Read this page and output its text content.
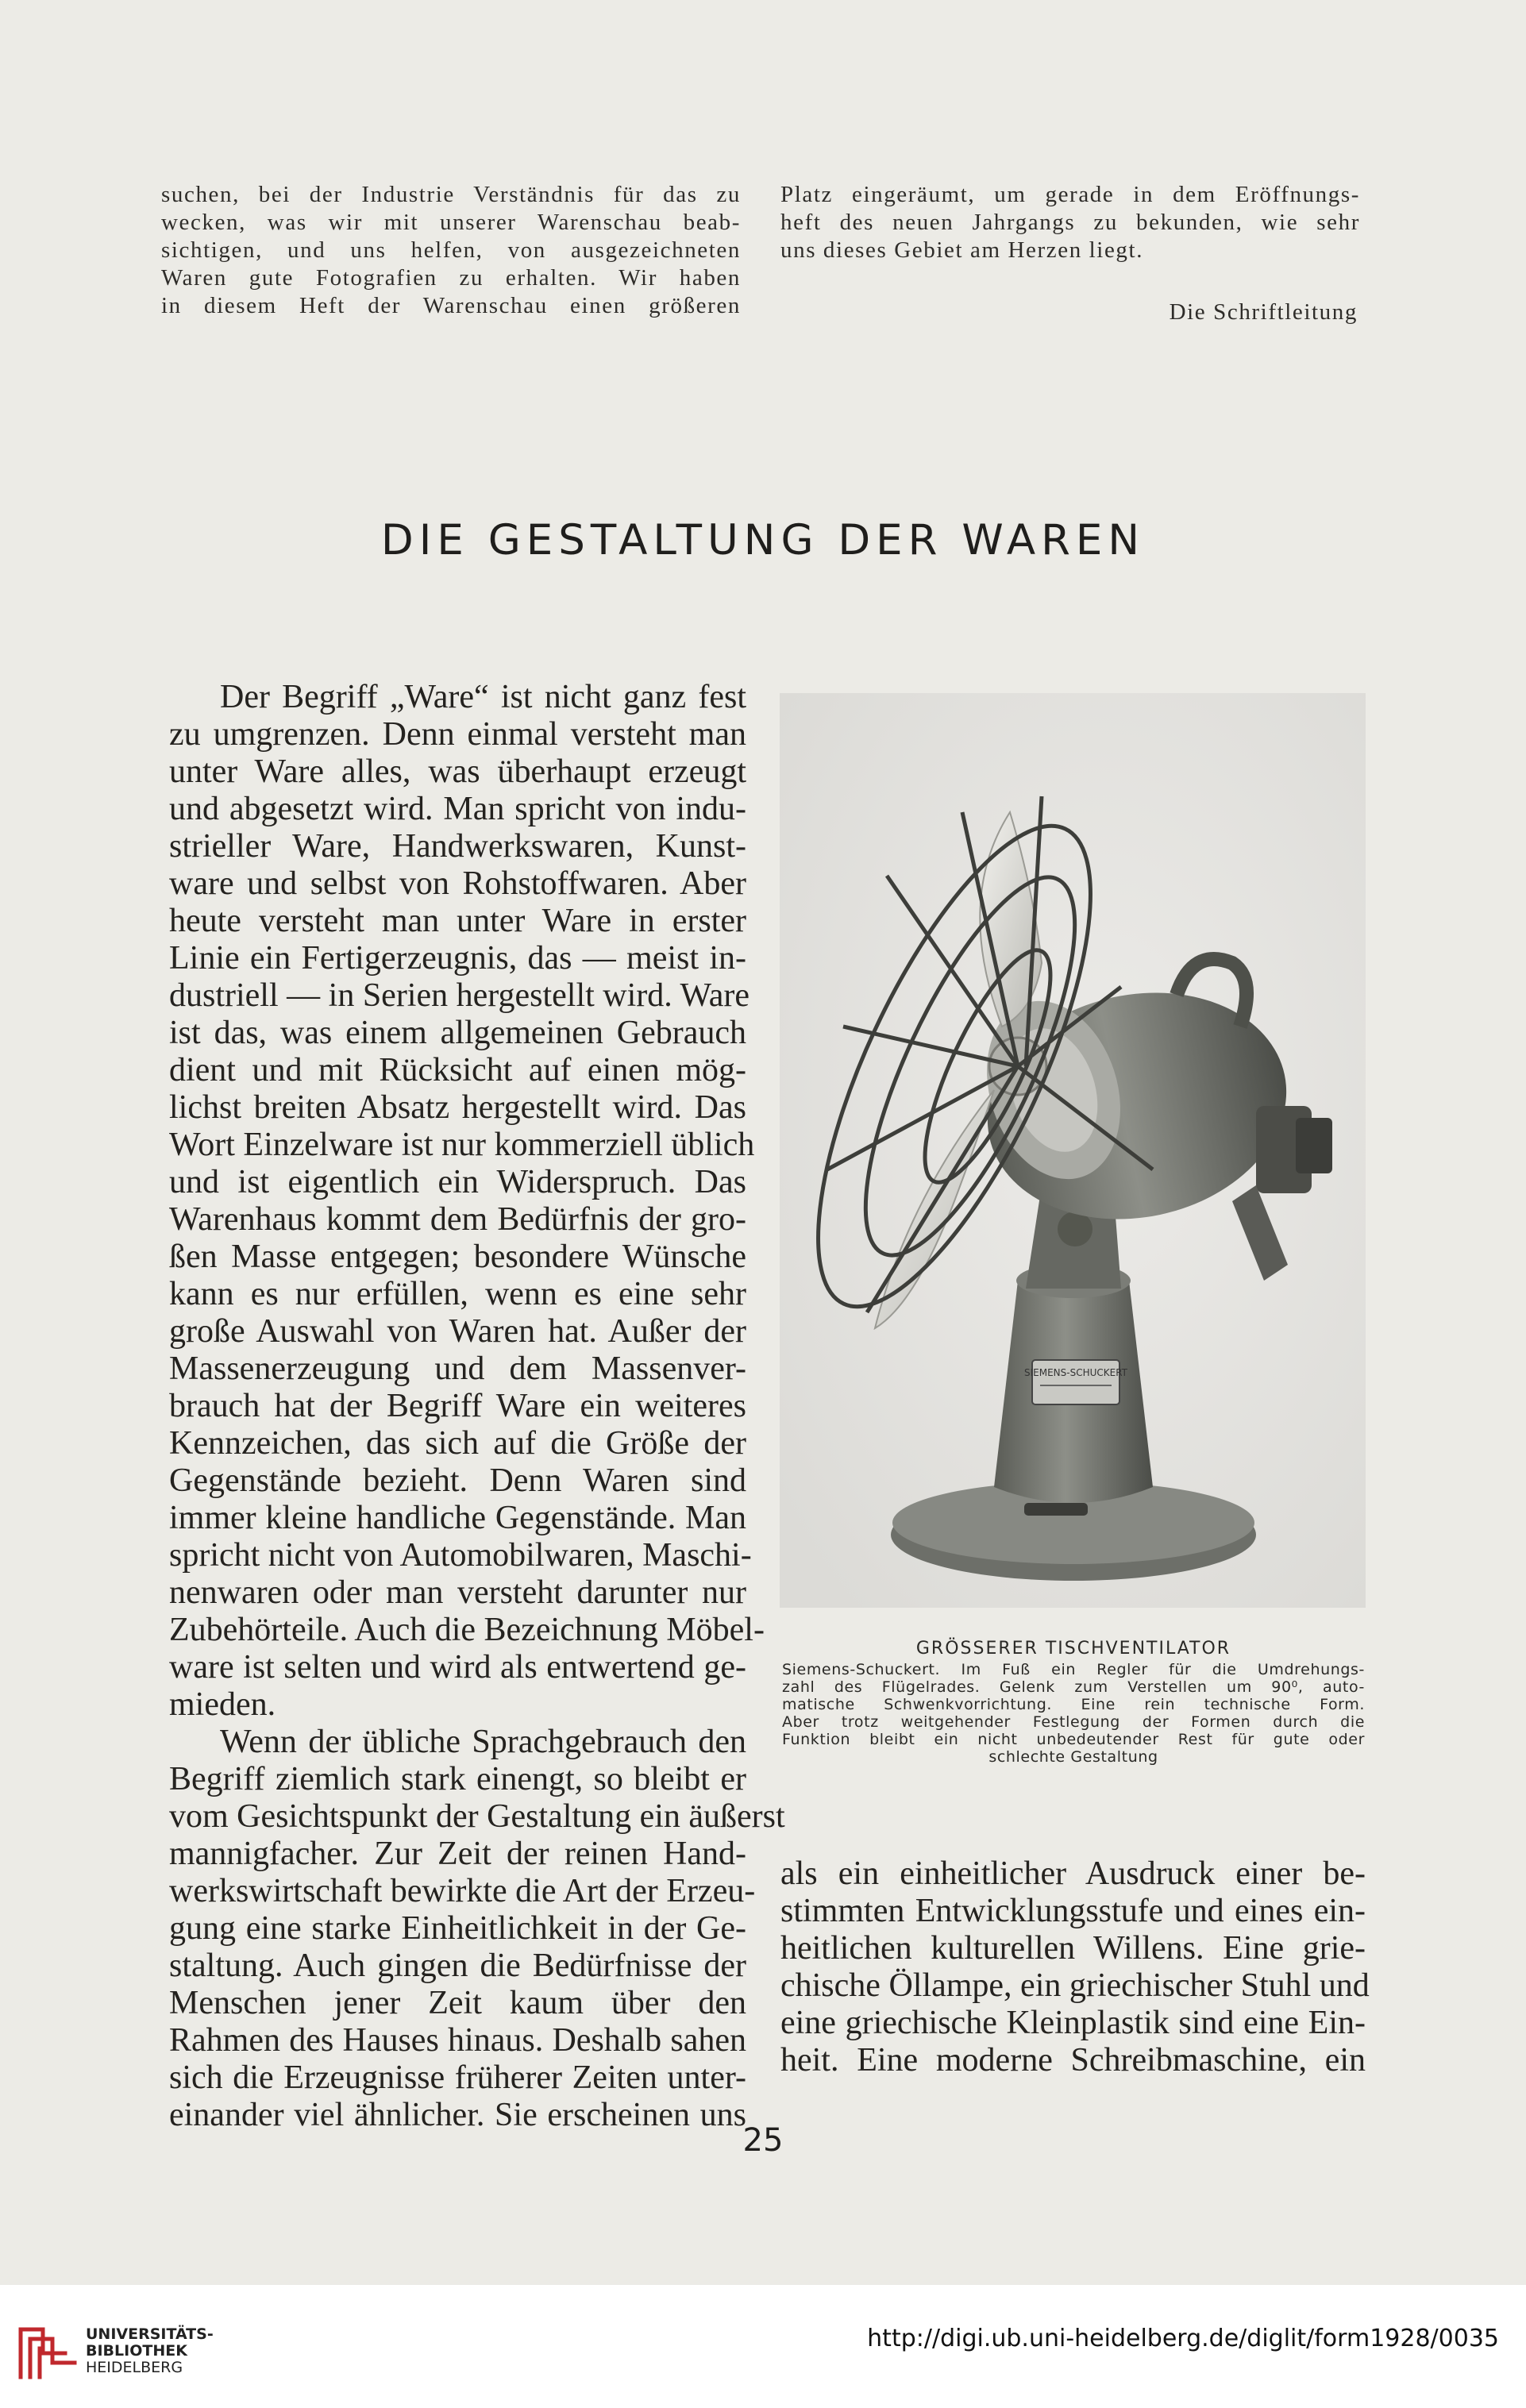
suchen, bei der Industrie Verständnis für das zu
wecken, was wir mit unserer Warenschau beab-
sichtigen, und uns helfen, von ausgezeichneten
Waren gute Fotografien zu erhalten. Wir haben
in diesem Heft der Warenschau einen größeren
Platz eingeräumt, um gerade in dem Eröffnungs-
heft des neuen Jahrgangs zu bekunden, wie sehr
uns dieses Gebiet am Herzen liegt.
Die Schriftleitung
DIE GESTALTUNG DER WAREN
Der Begriff „Ware“ ist nicht ganz fest
zu umgrenzen. Denn einmal versteht man
unter Ware alles, was überhaupt erzeugt
und abgesetzt wird. Man spricht von indu-
strieller Ware, Handwerkswaren, Kunst-
ware und selbst von Rohstoffwaren. Aber
heute versteht man unter Ware in erster
Linie ein Fertigerzeugnis, das — meist in-
dustriell — in Serien hergestellt wird. Ware
ist das, was einem allgemeinen Gebrauch
dient und mit Rücksicht auf einen mög-
lichst breiten Absatz hergestellt wird. Das
Wort Einzelware ist nur kommerziell üblich
und ist eigentlich ein Widerspruch. Das
Warenhaus kommt dem Bedürfnis der gro-
ßen Masse entgegen; besondere Wünsche
kann es nur erfüllen, wenn es eine sehr
große Auswahl von Waren hat. Außer der
Massenerzeugung und dem Massenver-
brauch hat der Begriff Ware ein weiteres
Kennzeichen, das sich auf die Größe der
Gegenstände bezieht. Denn Waren sind
immer kleine handliche Gegenstände. Man
spricht nicht von Automobilwaren, Maschi-
nenwaren oder man versteht darunter nur
Zubehörteile. Auch die Bezeichnung Möbel-
ware ist selten und wird als entwertend ge-
mieden.
Wenn der übliche Sprachgebrauch den
Begriff ziemlich stark einengt, so bleibt er
vom Gesichtspunkt der Gestaltung ein äußerst
mannigfacher. Zur Zeit der reinen Hand-
werkswirtschaft bewirkte die Art der Erzeu-
gung eine starke Einheitlichkeit in der Ge-
staltung. Auch gingen die Bedürfnisse der
Menschen jener Zeit kaum über den
Rahmen des Hauses hinaus. Deshalb sahen
sich die Erzeugnisse früherer Zeiten unter-
einander viel ähnlicher. Sie erscheinen uns
SIEMENS-SCHUCKERT
GRÖSSERER TISCHVENTILATOR
Siemens-Schuckert. Im Fuß ein Regler für die Umdrehungs-
zahl des Flügelrades. Gelenk zum Verstellen um 90⁰, auto-
matische Schwenkvorrichtung. Eine rein technische Form.
Aber trotz weitgehender Festlegung der Formen durch die
Funktion bleibt ein nicht unbedeutender Rest für gute oder
schlechte Gestaltung
als ein einheitlicher Ausdruck einer be-
stimmten Entwicklungsstufe und eines ein-
heitlichen kulturellen Willens. Eine grie-
chische Öllampe, ein griechischer Stuhl und
eine griechische Kleinplastik sind eine Ein-
heit. Eine moderne Schreibmaschine, ein
25
UNIVERSITÄTS-
BIBLIOTHEK
HEIDELBERG
http://digi.ub.uni-heidelberg.de/diglit/form1928/0035
